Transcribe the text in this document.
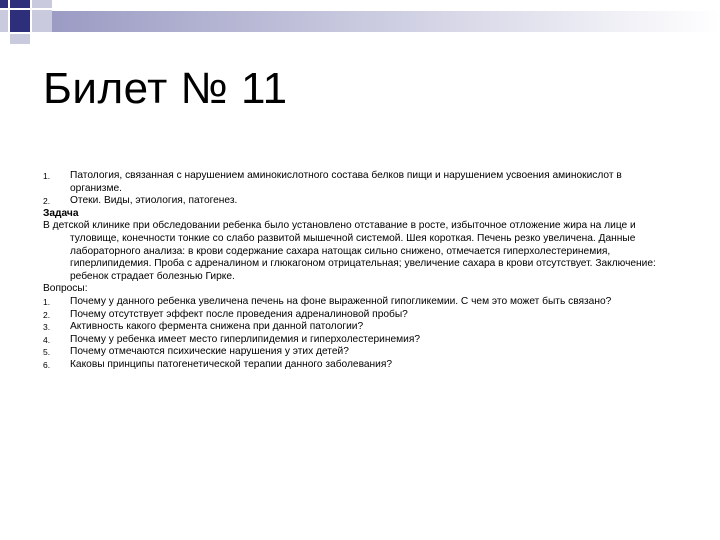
Билет № 11
1. Патология, связанная с нарушением аминокислотного состава белков пищи и нарушением усвоения аминокислот в организме.
2. Отеки. Виды, этиология, патогенез.
Задача
В детской клинике при обследовании ребенка было установлено отставание в росте, избыточное отложение жира на лице и туловище, конечности тонкие со слабо развитой мышечной системой. Шея короткая. Печень резко увеличена. Данные лабораторного анализа: в крови содержание сахара натощак сильно снижено, отмечается гиперхолестеринемия, гиперлипидемия. Проба с адреналином и глюкагоном отрицательная; увеличение сахара в крови отсутствует. Заключение: ребенок страдает болезнью Гирке.
Вопросы:
1. Почему у данного ребенка увеличена печень на фоне выраженной гипогликемии. С чем это может быть связано?
2. Почему отсутствует эффект после проведения адреналиновой пробы?
3. Активность какого фермента снижена при данной патологии?
4. Почему у ребенка имеет место гиперлипидемия и гиперхолестеринемия?
5. Почему отмечаются психические нарушения у этих детей?
6. Каковы принципы патогенетической терапии данного заболевания?
